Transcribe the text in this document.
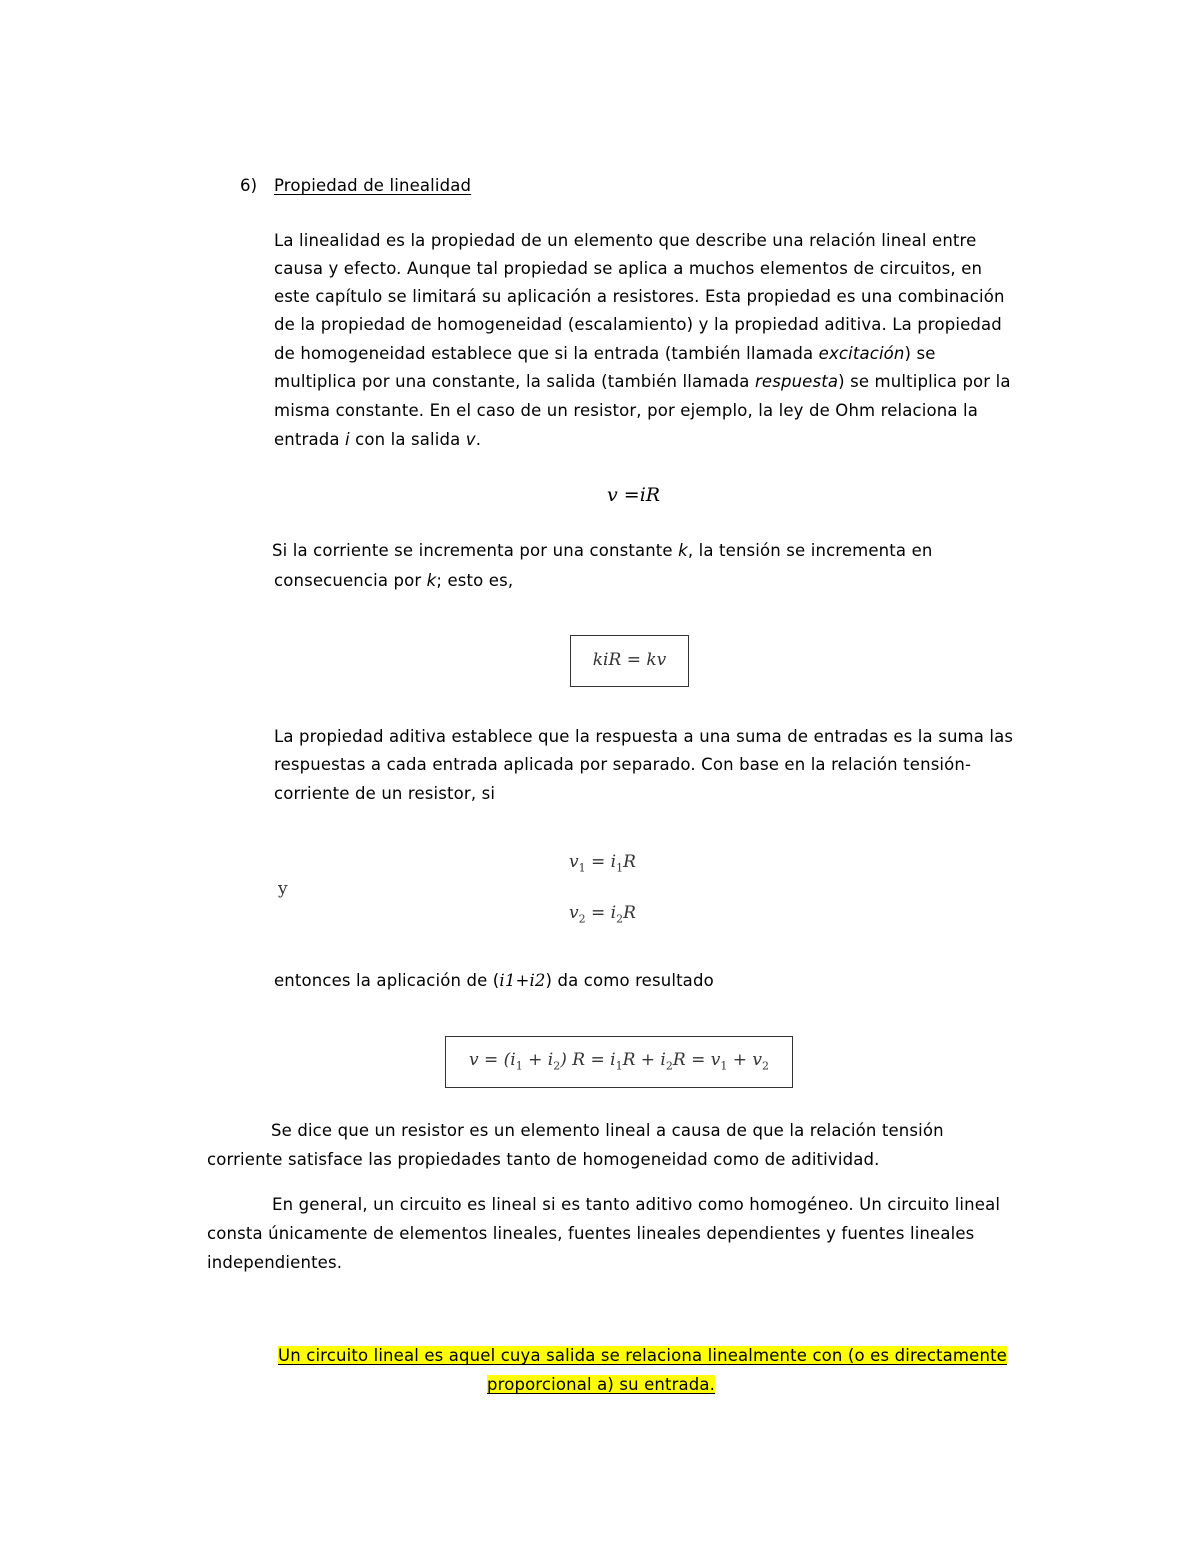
6) Propiedad de linealidad
La linealidad es la propiedad de un elemento que describe una relación lineal entre
causa y efecto. Aunque tal propiedad se aplica a muchos elementos de circuitos, en
este capítulo se limitará su aplicación a resistores. Esta propiedad es una combinación
de la propiedad de homogeneidad (escalamiento) y la propiedad aditiva. La propiedad
de homogeneidad establece que si la entrada (también llamada excitación) se
multiplica por una constante, la salida (también llamada respuesta) se multiplica por la
misma constante. En el caso de un resistor, por ejemplo, la ley de Ohm relaciona la
entrada i con la salida v.
v =iR
Si la corriente se incrementa por una constante k, la tensión se incrementa en
consecuencia por k; esto es,
kiR = kv
La propiedad aditiva establece que la respuesta a una suma de entradas es la suma las
respuestas a cada entrada aplicada por separado. Con base en la relación tensión-
corriente de un resistor, si
y
$v_1 = i_1R$
$v_2 = i_2R$
entonces la aplicación de (i1+i2) da como resultado
$v = (i_1 + i_2) R = i_1R + i_2R = v_1 + v_2$
Se dice que un resistor es un elemento lineal a causa de que la relación tensión
corriente satisface las propiedades tanto de homogeneidad como de aditividad.
En general, un circuito es lineal si es tanto aditivo como homogéneo. Un circuito lineal
consta únicamente de elementos lineales, fuentes lineales dependientes y fuentes lineales
independientes.
Un circuito lineal es aquel cuya salida se relaciona linealmente con (o es directamente
proporcional a) su entrada.
